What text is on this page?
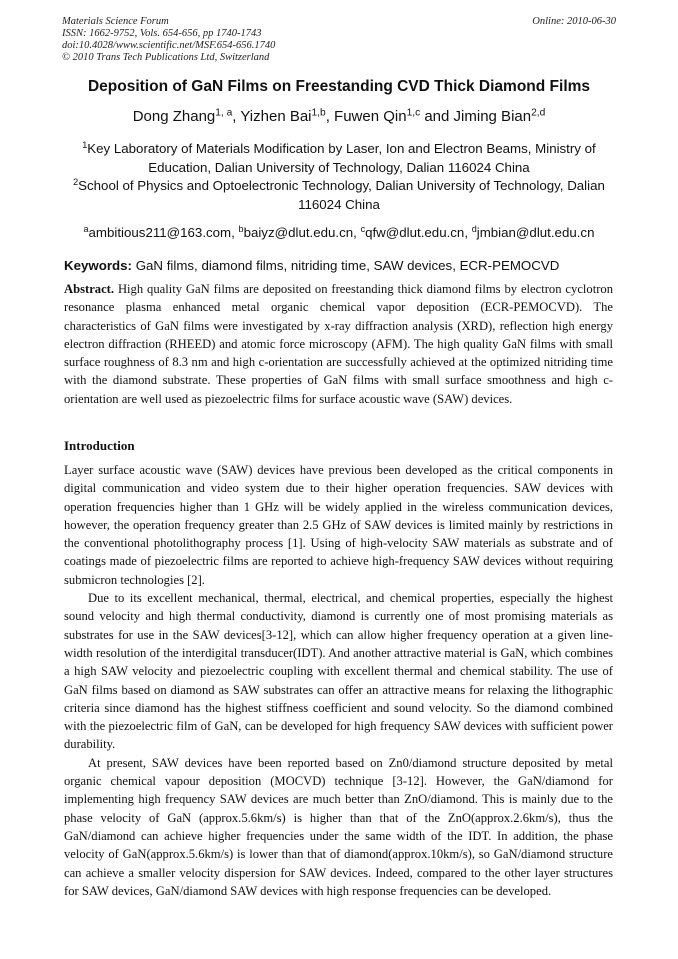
Materials Science Forum
ISSN: 1662-9752, Vols. 654-656, pp 1740-1743
doi:10.4028/www.scientific.net/MSF.654-656.1740
© 2010 Trans Tech Publications Ltd, Switzerland
Online: 2010-06-30
Deposition of GaN Films on Freestanding CVD Thick Diamond Films
Dong Zhang$^{1, a}$, Yizhen Bai$^{1,b}$, Fuwen Qin$^{1,c}$ and Jiming Bian$^{2,d}$
$^1$Key Laboratory of Materials Modification by Laser, Ion and Electron Beams, Ministry of Education, Dalian University of Technology, Dalian 116024 China
$^2$School of Physics and Optoelectronic Technology, Dalian University of Technology, Dalian 116024 China
$^a$ambitious211@163.com, $^b$baiyz@dlut.edu.cn, $^c$qfw@dlut.edu.cn, $^d$jmbian@dlut.edu.cn
Keywords: GaN films, diamond films, nitriding time, SAW devices, ECR-PEMOCVD
Abstract. High quality GaN films are deposited on freestanding thick diamond films by electron cyclotron resonance plasma enhanced metal organic chemical vapor deposition (ECR-PEMOCVD). The characteristics of GaN films were investigated by x-ray diffraction analysis (XRD), reflection high energy electron diffraction (RHEED) and atomic force microscopy (AFM). The high quality GaN films with small surface roughness of 8.3 nm and high c-orientation are successfully achieved at the optimized nitriding time with the diamond substrate. These properties of GaN films with small surface smoothness and high c-orientation are well used as piezoelectric films for surface acoustic wave (SAW) devices.
Introduction

Layer surface acoustic wave (SAW) devices have previous been developed as the critical components in digital communication and video system due to their higher operation frequencies. SAW devices with operation frequencies higher than 1 GHz will be widely applied in the wireless communication devices, however, the operation frequency greater than 2.5 GHz of SAW devices is limited mainly by restrictions in the conventional photolithography process [1]. Using of high-velocity SAW materials as substrate and of coatings made of piezoelectric films are reported to achieve high-frequency SAW devices without requiring submicron technologies [2].

Due to its excellent mechanical, thermal, electrical, and chemical properties, especially the highest sound velocity and high thermal conductivity, diamond is currently one of most promising materials as substrates for use in the SAW devices[3-12], which can allow higher frequency operation at a given line-width resolution of the interdigital transducer(IDT). And another attractive material is GaN, which combines a high SAW velocity and piezoelectric coupling with excellent thermal and chemical stability. The use of GaN films based on diamond as SAW substrates can offer an attractive means for relaxing the lithographic criteria since diamond has the highest stiffness coefficient and sound velocity. So the diamond combined with the piezoelectric film of GaN, can be developed for high frequency SAW devices with sufficient power durability.

At present, SAW devices have been reported based on Zn0/diamond structure deposited by metal organic chemical vapour deposition (MOCVD) technique [3-12]. However, the GaN/diamond for implementing high frequency SAW devices are much better than ZnO/diamond. This is mainly due to the phase velocity of GaN (approx.5.6km/s) is higher than that of the ZnO(approx.2.6km/s), thus the GaN/diamond can achieve higher frequencies under the same width of the IDT. In addition, the phase velocity of GaN(approx.5.6km/s) is lower than that of diamond(approx.10km/s), so GaN/diamond structure can achieve a smaller velocity dispersion for SAW devices. Indeed, compared to the other layer structures for SAW devices, GaN/diamond SAW devices with high response frequencies can be developed.
